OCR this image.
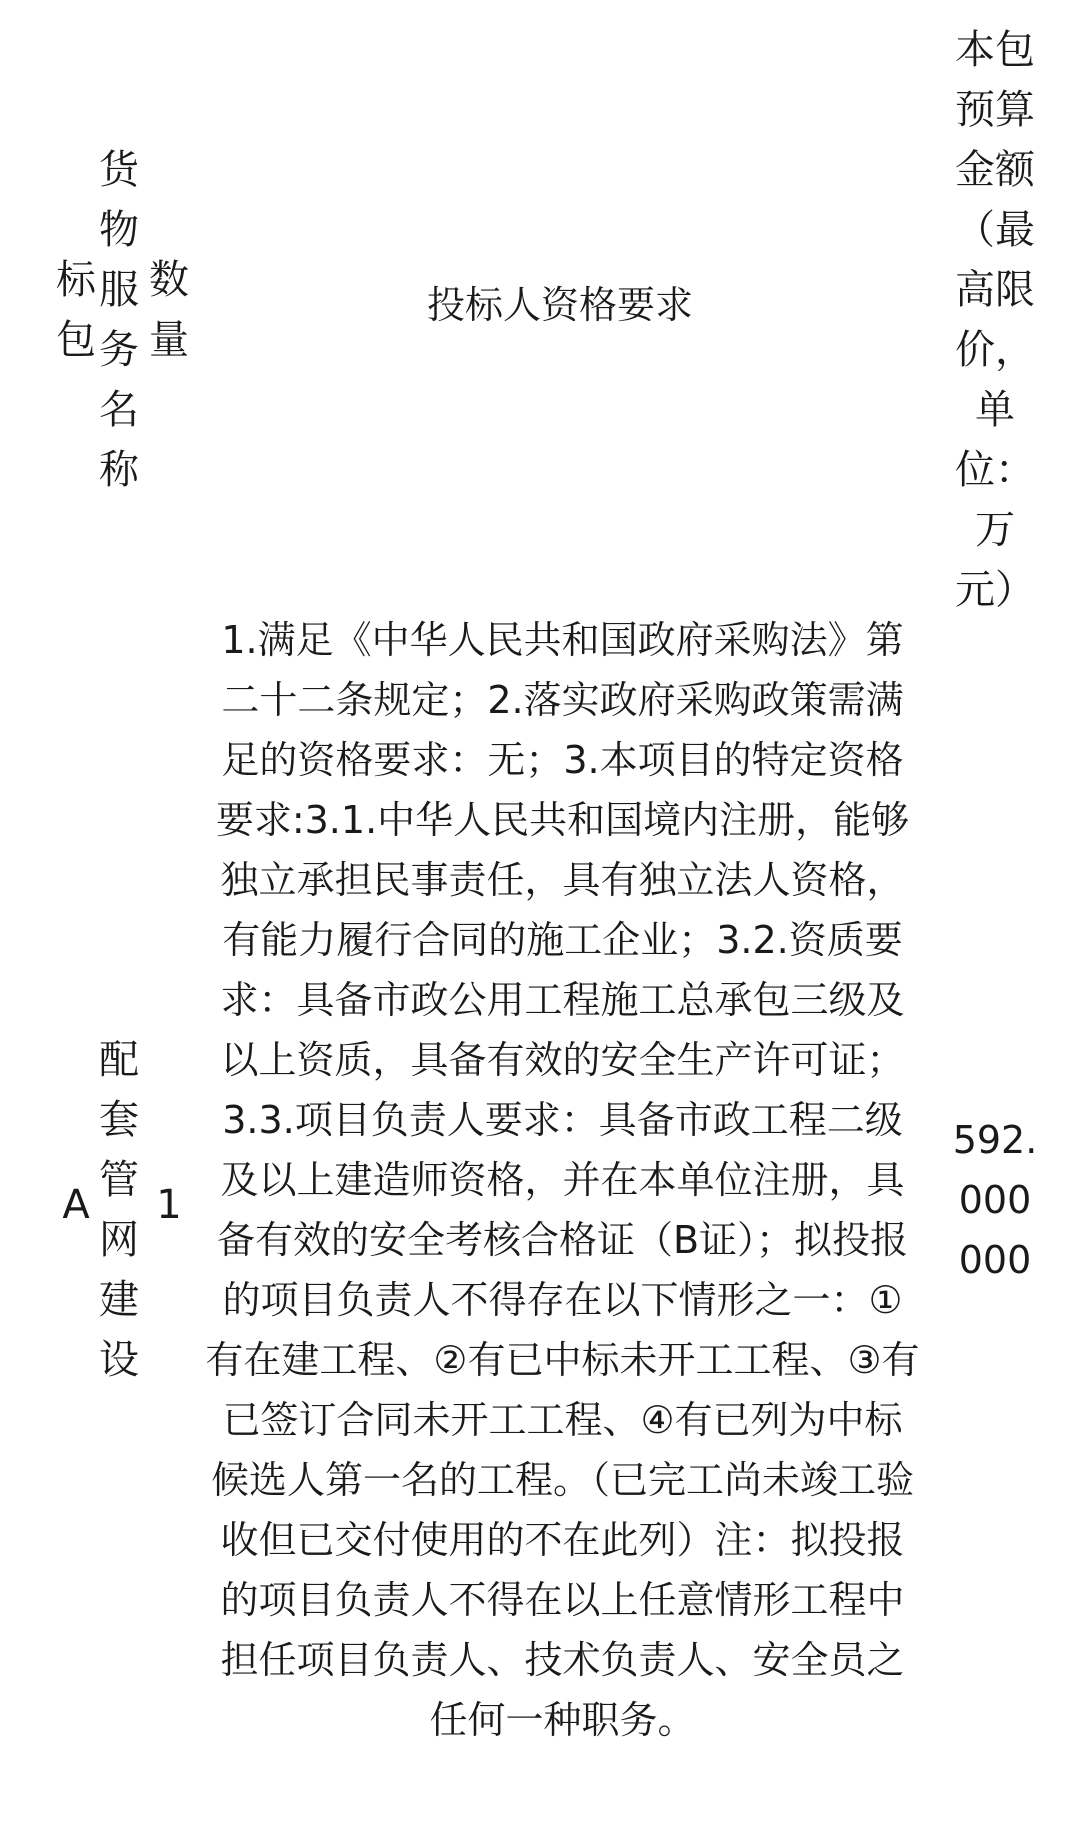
标包
货物服务名称
数量
投标人资格要求
本包预算金额（最高限价，单位：万元）
A
配套管网建设
1
1.满足《中华人民共和国政府采购法》第二十二条规定；2.落实政府采购政策需满足的资格要求：无；3.本项目的特定资格要求:3.1.中华人民共和国境内注册，能够独立承担民事责任，具有独立法人资格，有能力履行合同的施工企业；3.2.资质要求：具备市政公用工程施工总承包三级及以上资质，具备有效的安全生产许可证；3.3.项目负责人要求：具备市政工程二级及以上建造师资格，并在本单位注册，具备有效的安全考核合格证（B证）；拟投报的项目负责人不得存在以下情形之一：①有在建工程、②有已中标未开工工程、③有已签订合同未开工工程、④有已列为中标候选人第一名的工程。（已完工尚未竣工验收但已交付使用的不在此列）注：拟投报的项目负责人不得在以上任意情形工程中担任项目负责人、技术负责人、安全员之任何一种职务。
592.000000
